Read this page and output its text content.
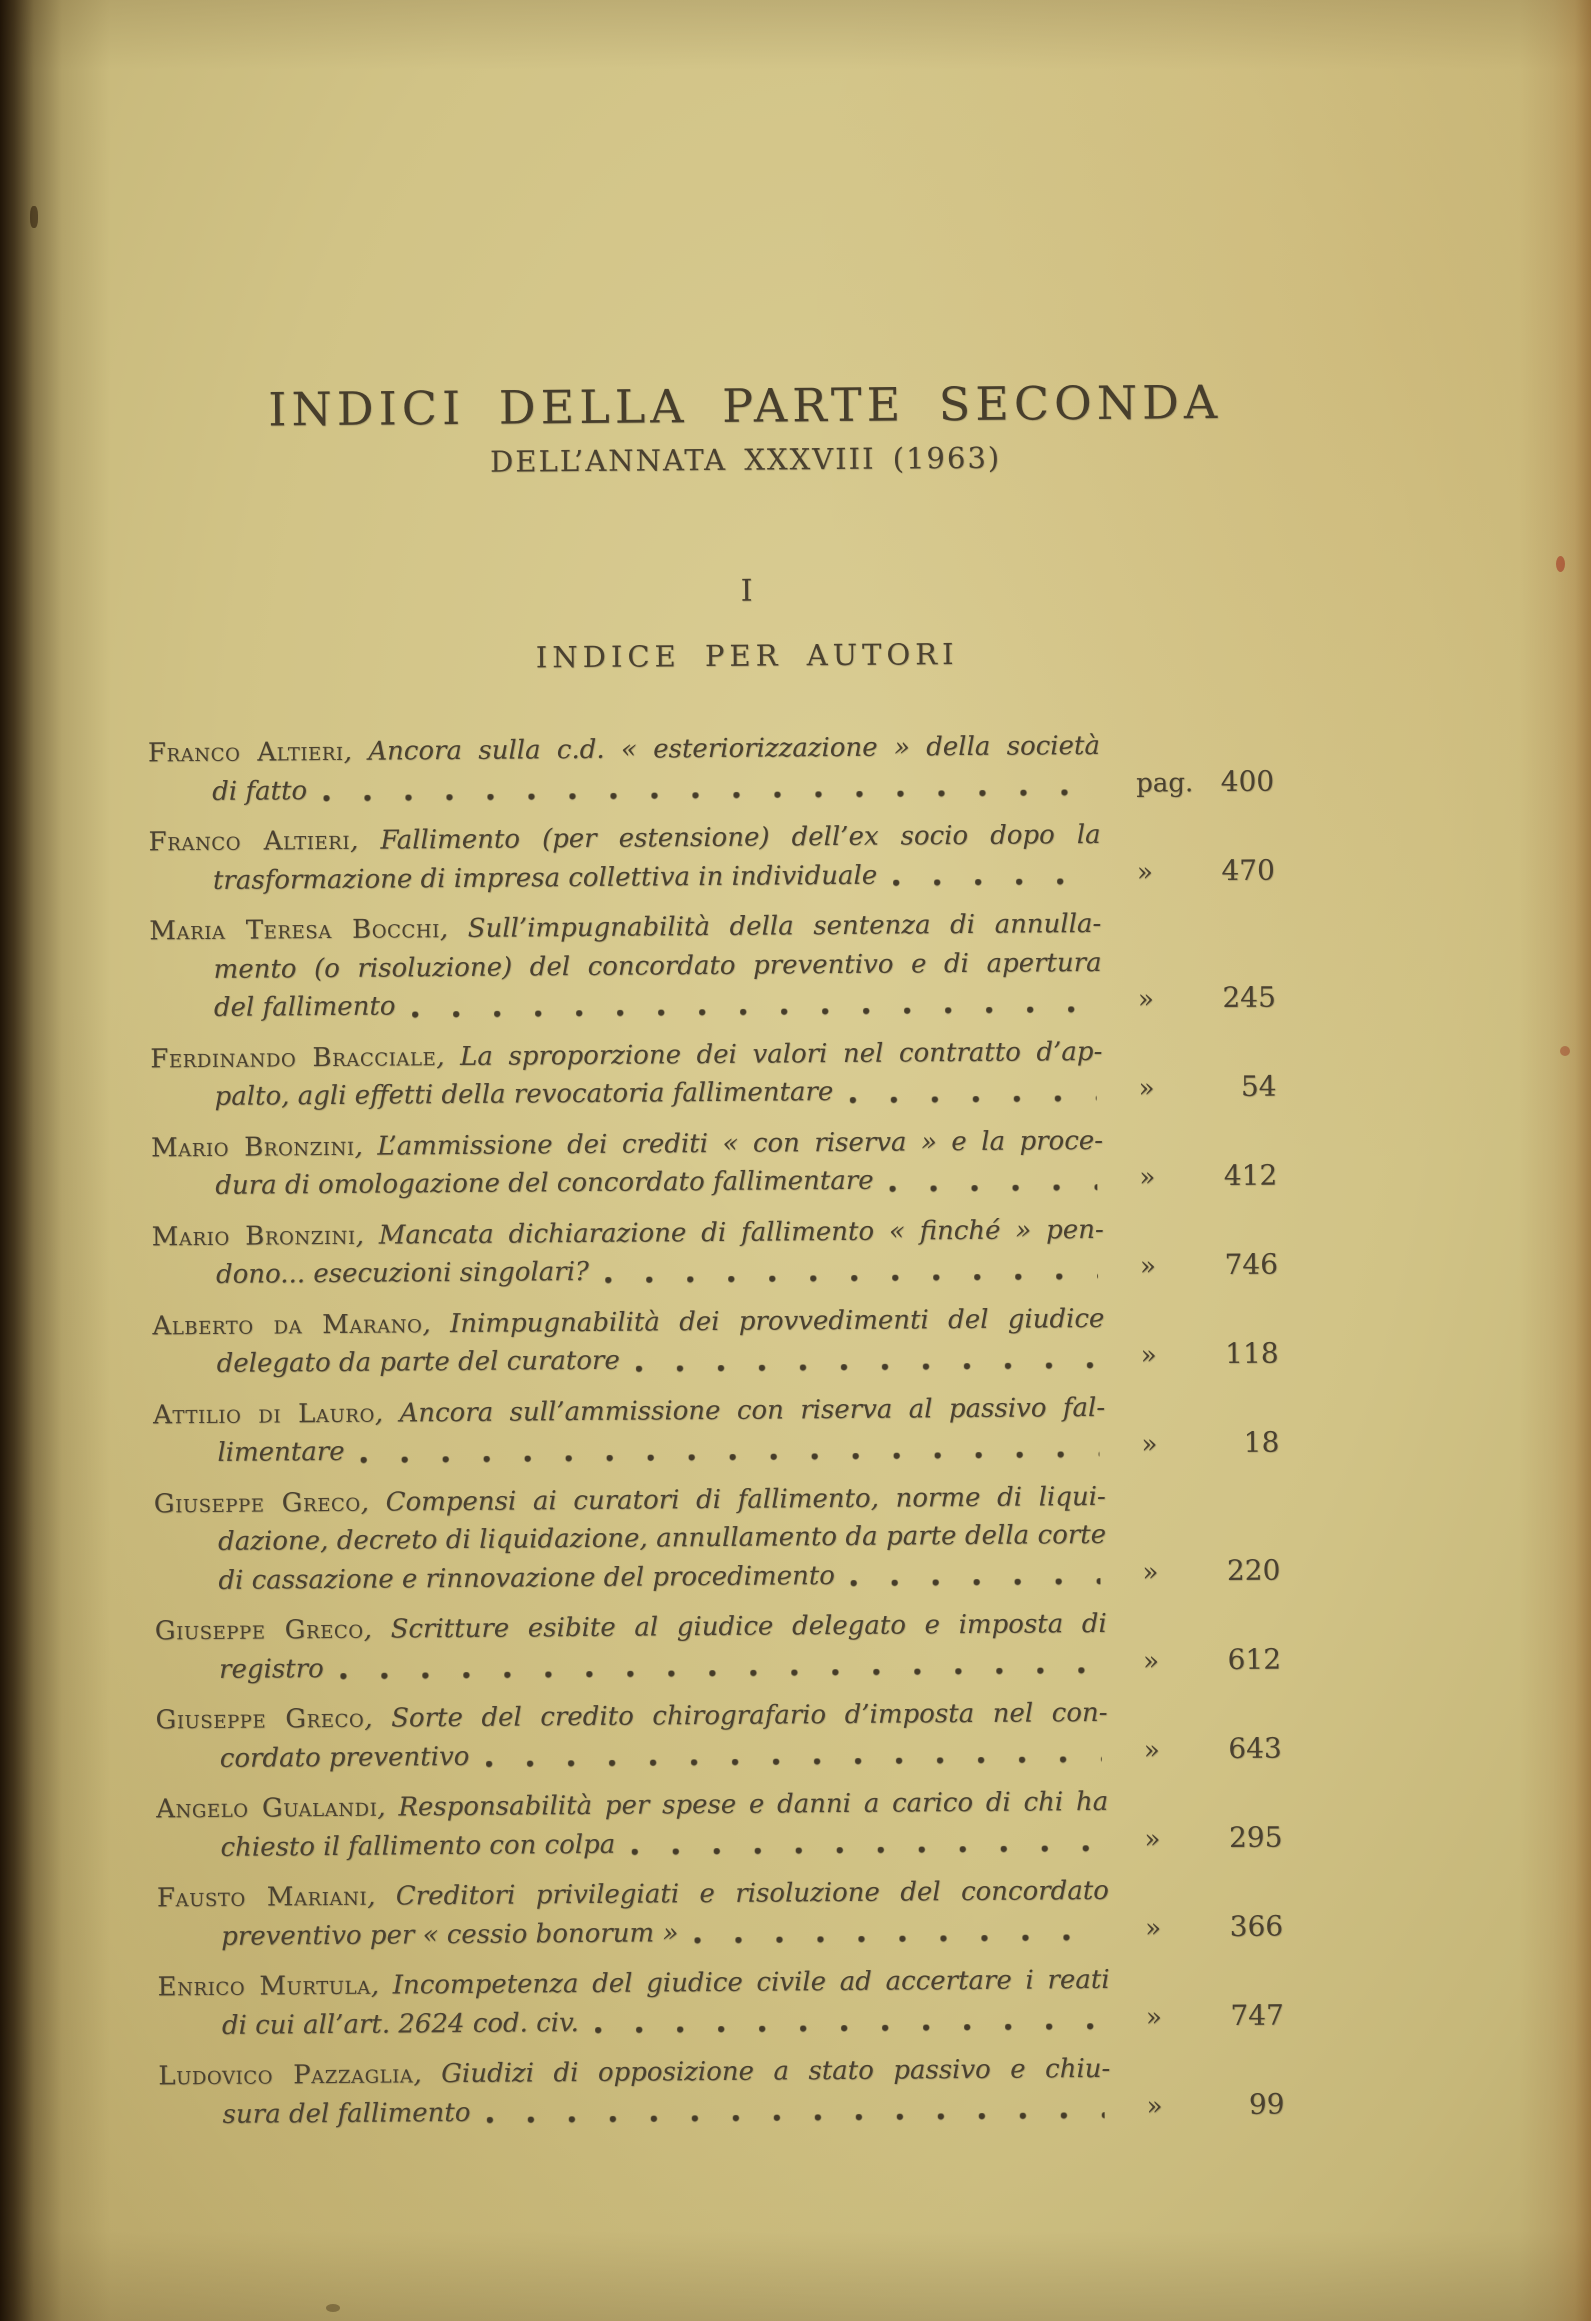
INDICI DELLA PARTE SECONDA
DELL’ANNATA XXXVIII (1963)
I
INDICE PER AUTORI
Franco Altieri, Ancora sulla c.d. « esteriorizzazione » della società
di fatto	pag. 400
Franco Altieri, Fallimento (per estensione) dell’ex socio dopo la
trasformazione di impresa collettiva in individuale	» 470
Maria Teresa Bocchi, Sull’impugnabilità della sentenza di annulla-
mento (o risoluzione) del concordato preventivo e di apertura
del fallimento	» 245
Ferdinando Bracciale, La sproporzione dei valori nel contratto d’ap-
palto, agli effetti della revocatoria fallimentare	»	54
Mario Bronzini, L’ammissione dei crediti « con riserva » e la proce-
dura di omologazione del concordato fallimentare	» 412
Mario Bronzini, Mancata dichiarazione di fallimento « finché » pen-
dono... esecuzioni singolari?	» 746
Alberto da Marano, Inimpugnabilità dei provvedimenti del giudice
delegato da parte del curatore	» 118
Attilio di Lauro, Ancora sull’ammissione con riserva al passivo fal-
limentare	»	18
Giuseppe Greco, Compensi ai curatori di fallimento, norme di liqui-
dazione, decreto di liquidazione, annullamento da parte della corte
di cassazione e rinnovazione del procedimento	» 220
Giuseppe Greco, Scritture esibite al giudice delegato e imposta di
registro	» 612
Giuseppe Greco, Sorte del credito chirografario d’imposta nel con-
cordato preventivo	» 643
Angelo Gualandi, Responsabilità per spese e danni a carico di chi ha
chiesto il fallimento con colpa	» 295
Fausto Mariani, Creditori privilegiati e risoluzione del concordato
preventivo per « cessio bonorum »	» 366
Enrico Murtula, Incompetenza del giudice civile ad accertare i reati
di cui all’art. 2624 cod. civ.	» 747
Ludovico Pazzaglia, Giudizi di opposizione a stato passivo e chiu-
sura del fallimento	»	99
